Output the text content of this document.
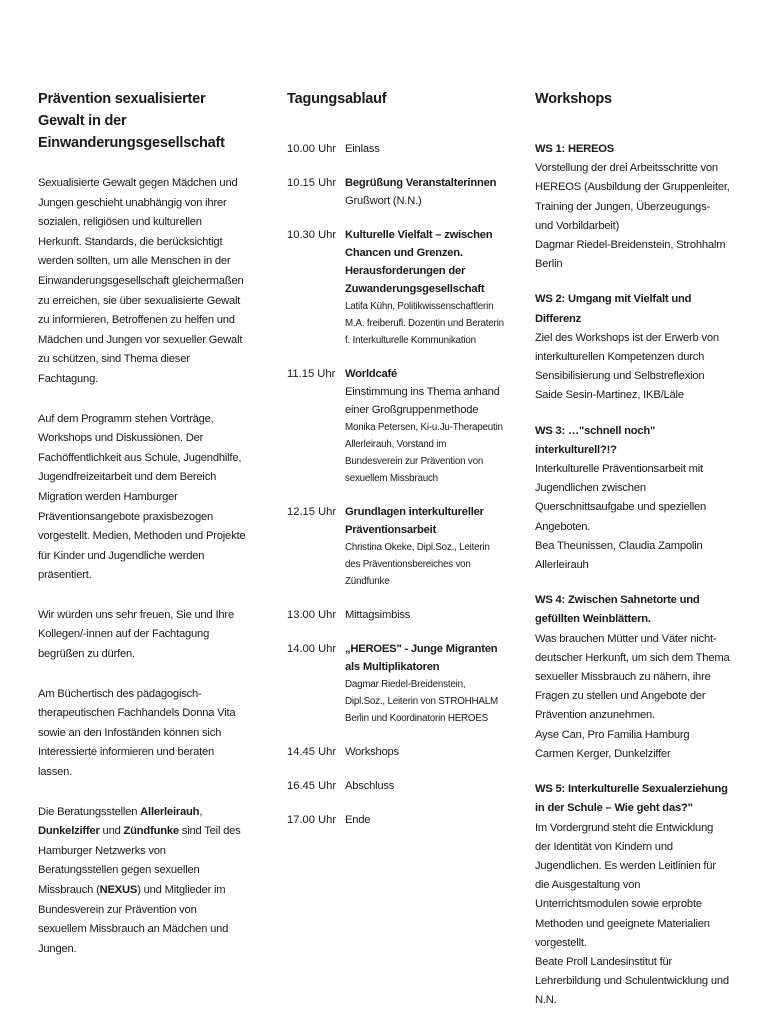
Prävention sexualisierter Gewalt in der Einwanderungsgesellschaft

Sexualisierte Gewalt gegen Mädchen und Jungen geschieht unabhängig von ihrer sozialen, religiösen und kulturellen Herkunft. Standards, die berücksichtigt werden sollten, um alle Menschen in der Einwanderungsgesellschaft gleichermaßen zu erreichen, sie über sexualisierte Gewalt zu informieren, Betroffenen zu helfen und Mädchen und Jungen vor sexueller Gewalt zu schützen, sind Thema dieser Fachtagung.

Auf dem Programm stehen Vorträge, Workshops und Diskussionen. Der Fachöffentlichkeit aus Schule, Jugendhilfe, Jugendfreizeitarbeit und dem Bereich Migration werden Hamburger Präventionsangebote praxisbezogen vorgestellt. Medien, Methoden und Projekte für Kinder und Jugendliche werden präsentiert.

Wir würden uns sehr freuen, Sie und Ihre Kollegen/-innen auf der Fachtagung begrüßen zu dürfen.

Am Büchertisch des pädagogisch-therapeutischen Fachhandels Donna Vita sowie an den Infoständen können sich Interessierte informieren und beraten lassen.

Die Beratungsstellen Allerleirauh, Dunkelziffer und Zündfunke sind Teil des Hamburger Netzwerks von Beratungsstellen gegen sexuellen Missbrauch (NEXUS) und Mitglieder im Bundesverein zur Prävention von sexuellem Missbrauch an Mädchen und Jungen.

Tagungsablauf
10.00 Uhr Einlass
10.15 Uhr Begrüßung Veranstalterinnen
Grußwort (N.N.)
10.30 Uhr Kulturelle Vielfalt – zwischen Chancen und Grenzen. Herausforderungen der Zuwanderungsgesellschaft
Latifa Kühn, Politikwissenschaftlerin M.A. freiberufl. Dozentin und Beraterin f. Interkulturelle Kommunikation
11.15 Uhr Worldcafé
Einstimmung ins Thema anhand einer Großgruppenmethode
Monika Petersen, Ki-u.Ju-Therapeutin Allerleirauh, Vorstand im Bundesverein zur Prävention von sexuellem Missbrauch
12.15 Uhr Grundlagen interkultureller Präventionsarbeit
Christina Okeke, Dipl.Soz., Leiterin des Präventionsbereiches von Zündfunke
13.00 Uhr Mittagsimbiss
14.00 Uhr „HEROES" - Junge Migranten als Multiplikatoren
Dagmar Riedel-Breidenstein, Dipl.Soz., Leiterin von STROHHALM Berlin und Koordinatorin HEROES
14.45 Uhr Workshops
16.45 Uhr Abschluss
17.00 Uhr Ende
Workshops
WS 1: HEREOS
Vorstellung der drei Arbeitsschritte von HEREOS (Ausbildung der Gruppenleiter, Training der Jungen, Überzeugungs- und Vorbildarbeit)
Dagmar Riedel-Breidenstein, Strohhalm Berlin
WS 2: Umgang mit Vielfalt und Differenz
Ziel des Workshops ist der Erwerb von interkulturellen Kompetenzen durch Sensibilisierung und Selbstreflexion
Saide Sesin-Martinez, IKB/Läle
WS 3: …"schnell noch" interkulturell?!?
Interkulturelle Präventionsarbeit mit Jugendlichen zwischen Querschnittsaufgabe und speziellen Angeboten.
Bea Theunissen, Claudia Zampolin Allerleirauh
WS 4: Zwischen Sahnetorte und gefüllten Weinblättern.
Was brauchen Mütter und Väter nicht-deutscher Herkunft, um sich dem Thema sexueller Missbrauch zu nähern, ihre Fragen zu stellen und Angebote der Prävention anzunehmen.
Ayse Can, Pro Familia Hamburg
Carmen Kerger, Dunkelziffer
WS 5: Interkulturelle Sexualerziehung in der Schule – Wie geht das?"
Im Vordergrund steht die Entwicklung der Identität von Kindern und Jugendlichen. Es werden Leitlinien für die Ausgestaltung von Unterrichtsmodulen sowie erprobte Methoden und geeignete Materialien vorgestellt.
Beate Proll Landesinstitut für Lehrerbildung und Schulentwicklung und N.N.
